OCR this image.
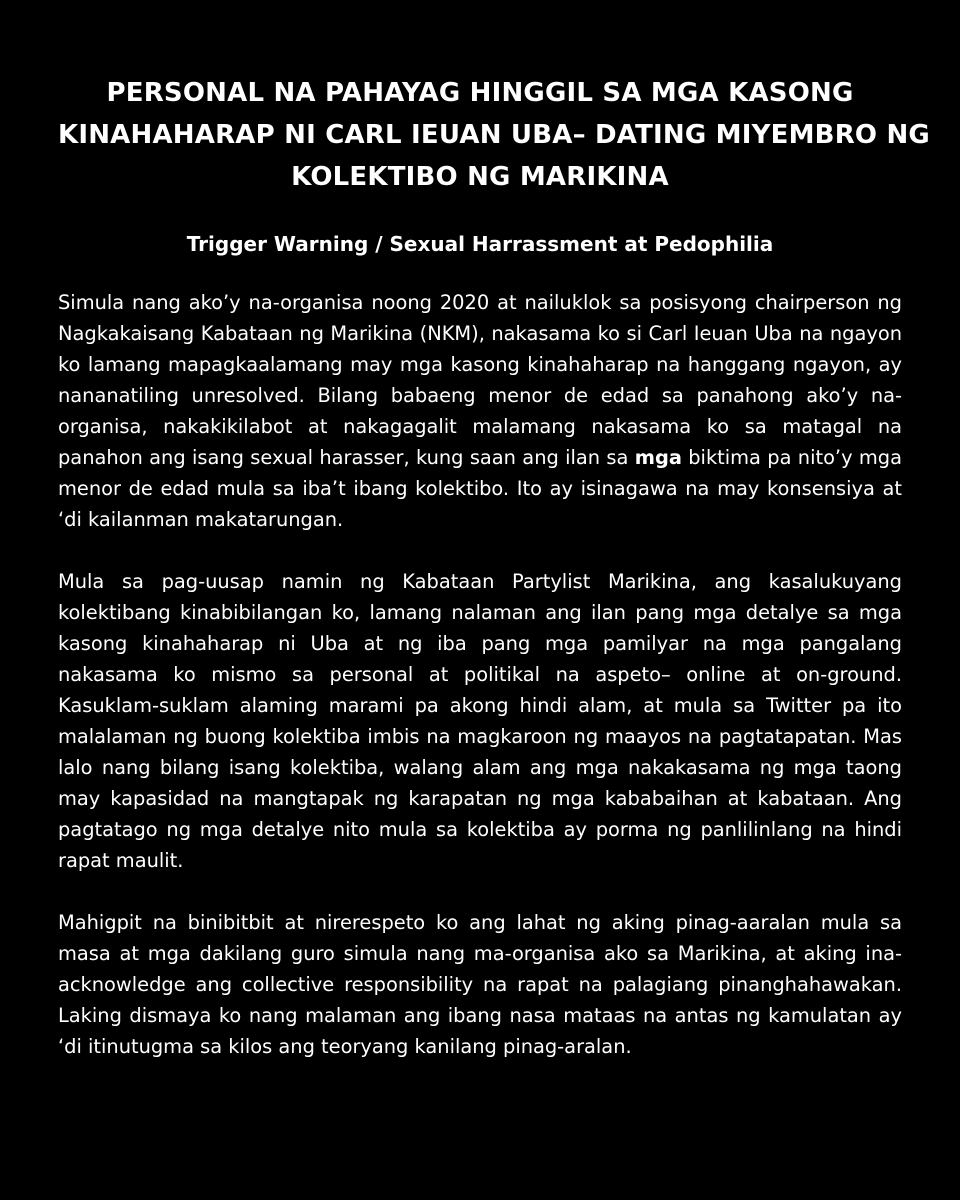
PERSONAL NA PAHAYAG HINGGIL SA MGA KASONG
KINAHAHARAP NI CARL IEUAN UBA– DATING MIYEMBRO NG
KOLEKTIBO NG MARIKINA

Trigger Warning / Sexual Harrassment at Pedophilia

Simula nang ako’y na-organisa noong 2020 at nailuklok sa posisyong chairperson ng Nagkakaisang Kabataan ng Marikina (NKM), nakasama ko si Carl Ieuan Uba na ngayon ko lamang mapagkaalamang may mga kasong kinahaharap na hanggang ngayon, ay nananatiling unresolved. Bilang babaeng menor de edad sa panahong ako’y na-organisa, nakakikilabot at nakagagalit malamang nakasama ko sa matagal na panahon ang isang sexual harasser, kung saan ang ilan sa mga biktima pa nito’y mga menor de edad mula sa iba’t ibang kolektibo. Ito ay isinagawa na may konsensiya at ‘di kailanman makatarungan.

Mula sa pag-uusap namin ng Kabataan Partylist Marikina, ang kasalukuyang kolektibang kinabibilangan ko, lamang nalaman ang ilan pang mga detalye sa mga kasong kinahaharap ni Uba at ng iba pang mga pamilyar na mga pangalang nakasama ko mismo sa personal at politikal na aspeto– online at on-ground. Kasuklam-suklam alaming marami pa akong hindi alam, at mula sa Twitter pa ito malalaman ng buong kolektiba imbis na magkaroon ng maayos na pagtatapatan. Mas lalo nang bilang isang kolektiba, walang alam ang mga nakakasama ng mga taong may kapasidad na mangtapak ng karapatan ng mga kababaihan at kabataan. Ang pagtatago ng mga detalye nito mula sa kolektiba ay porma ng panlilinlang na hindi rapat maulit.

Mahigpit na binibitbit at nirerespeto ko ang lahat ng aking pinag-aaralan mula sa masa at mga dakilang guro simula nang ma-organisa ako sa Marikina, at aking ina-acknowledge ang collective responsibility na rapat na palagiang pinanghahawakan. Laking dismaya ko nang malaman ang ibang nasa mataas na antas ng kamulatan ay ‘di itinutugma sa kilos ang teoryang kanilang pinag-aralan.
